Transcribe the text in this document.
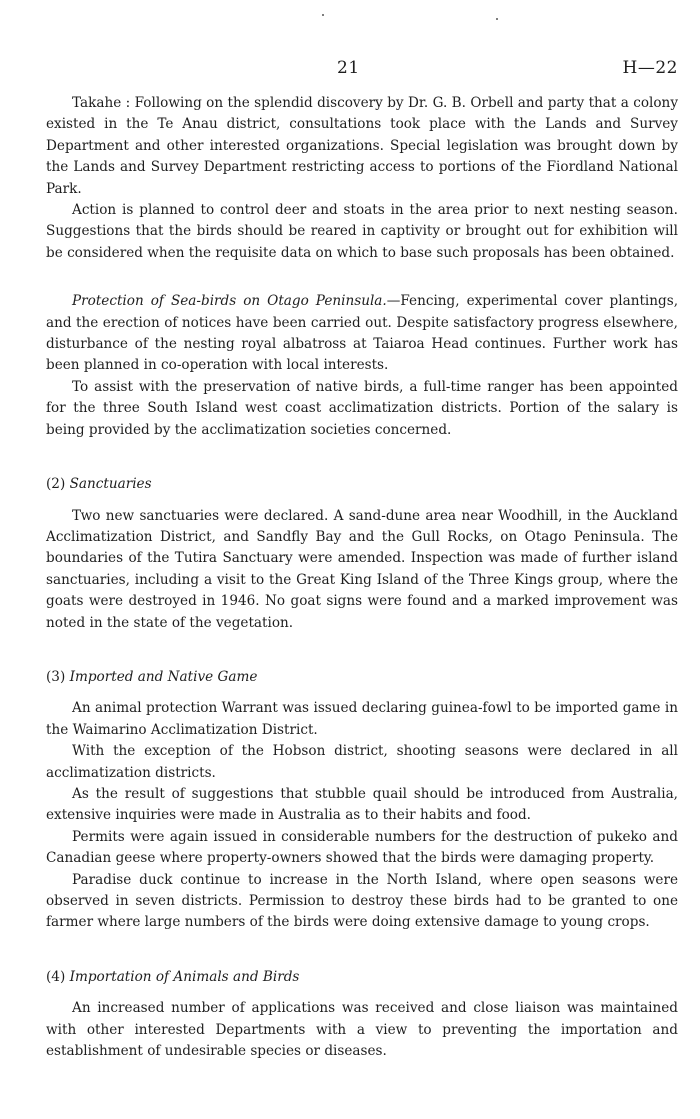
21	H—22

Takahe : Following on the splendid discovery by Dr. G. B. Orbell and party that a colony existed in the Te Anau district, consultations took place with the Lands and Survey Department and other interested organizations. Special legislation was brought down by the Lands and Survey Department restricting access to portions of the Fiordland National Park.

Action is planned to control deer and stoats in the area prior to next nesting season. Suggestions that the birds should be reared in captivity or brought out for exhibition will be considered when the requisite data on which to base such proposals has been obtained.

Protection of Sea-birds on Otago Peninsula.—Fencing, experimental cover plantings, and the erection of notices have been carried out. Despite satisfactory progress elsewhere, disturbance of the nesting royal albatross at Taiaroa Head continues. Further work has been planned in co-operation with local interests.

To assist with the preservation of native birds, a full-time ranger has been appointed for the three South Island west coast acclimatization districts. Portion of the salary is being provided by the acclimatization societies concerned.

(2) Sanctuaries

Two new sanctuaries were declared. A sand-dune area near Woodhill, in the Auckland Acclimatization District, and Sandfly Bay and the Gull Rocks, on Otago Peninsula. The boundaries of the Tutira Sanctuary were amended. Inspection was made of further island sanctuaries, including a visit to the Great King Island of the Three Kings group, where the goats were destroyed in 1946. No goat signs were found and a marked improvement was noted in the state of the vegetation.

(3) Imported and Native Game

An animal protection Warrant was issued declaring guinea-fowl to be imported game in the Waimarino Acclimatization District.

With the exception of the Hobson district, shooting seasons were declared in all acclimatization districts.

As the result of suggestions that stubble quail should be introduced from Australia, extensive inquiries were made in Australia as to their habits and food.

Permits were again issued in considerable numbers for the destruction of pukeko and Canadian geese where property-owners showed that the birds were damaging property.

Paradise duck continue to increase in the North Island, where open seasons were observed in seven districts. Permission to destroy these birds had to be granted to one farmer where large numbers of the birds were doing extensive damage to young crops.

(4) Importation of Animals and Birds

An increased number of applications was received and close liaison was maintained with other interested Departments with a view to preventing the importation and establishment of undesirable species or diseases.
